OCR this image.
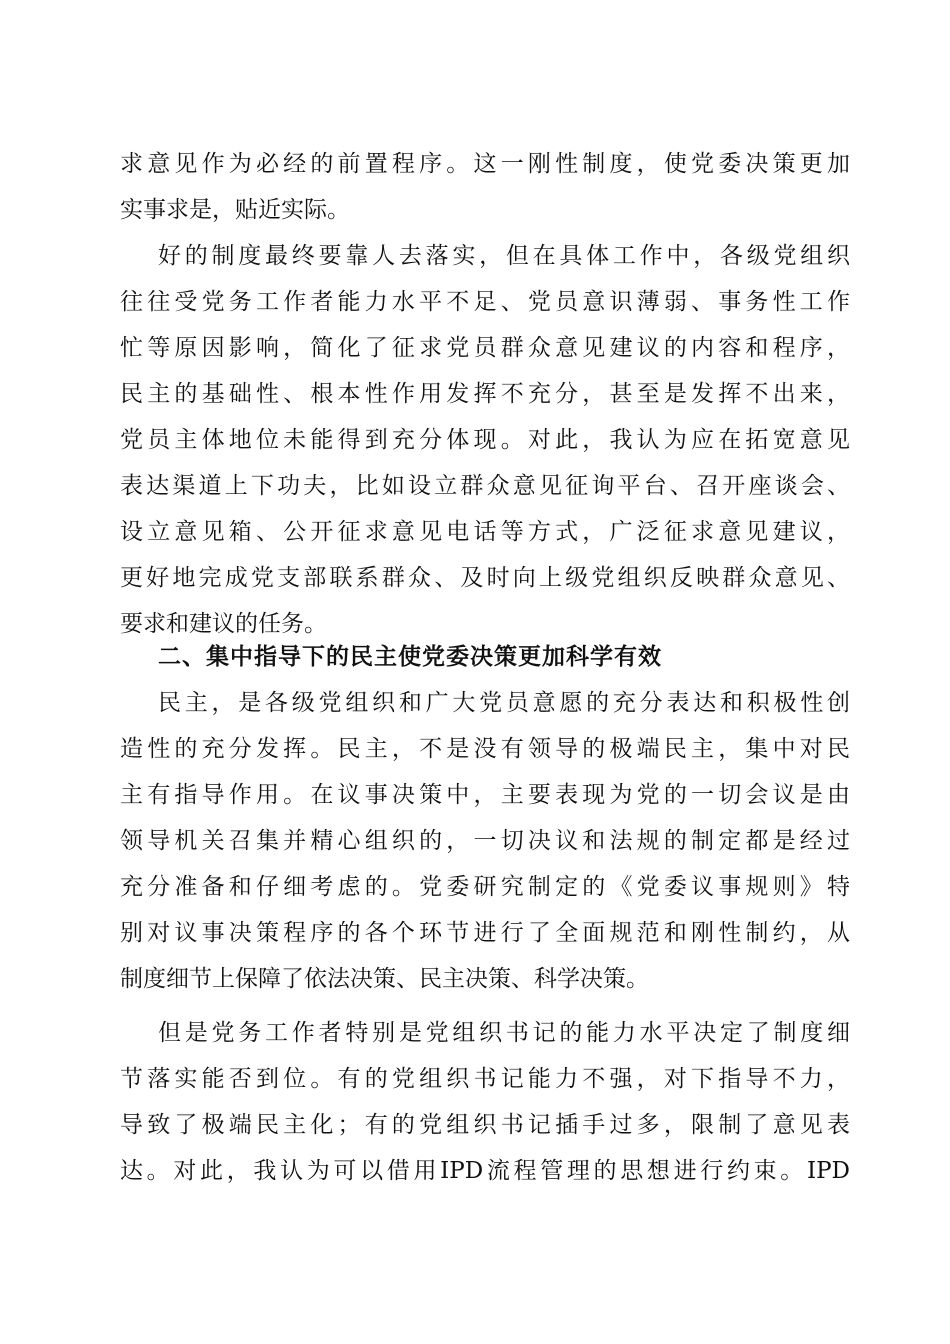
求意见作为必经的前置程序。这一刚性制度，使党委决策更加
实事求是，贴近实际。
好的制度最终要靠人去落实，但在具体工作中，各级党组织
往往受党务工作者能力水平不足、党员意识薄弱、事务性工作
忙等原因影响，简化了征求党员群众意见建议的内容和程序，
民主的基础性、根本性作用发挥不充分，甚至是发挥不出来，
党员主体地位未能得到充分体现。对此，我认为应在拓宽意见
表达渠道上下功夫，比如设立群众意见征询平台、召开座谈会、
设立意见箱、公开征求意见电话等方式，广泛征求意见建议，
更好地完成党支部联系群众、及时向上级党组织反映群众意见、
要求和建议的任务。
二、集中指导下的民主使党委决策更加科学有效
民主，是各级党组织和广大党员意愿的充分表达和积极性创
造性的充分发挥。民主，不是没有领导的极端民主，集中对民
主有指导作用。在议事决策中，主要表现为党的一切会议是由
领导机关召集并精心组织的，一切决议和法规的制定都是经过
充分准备和仔细考虑的。党委研究制定的《党委议事规则》特
别对议事决策程序的各个环节进行了全面规范和刚性制约，从
制度细节上保障了依法决策、民主决策、科学决策。
但是党务工作者特别是党组织书记的能力水平决定了制度细
节落实能否到位。有的党组织书记能力不强，对下指导不力，
导致了极端民主化；有的党组织书记插手过多，限制了意见表
达。对此，我认为可以借用IPD流程管理的思想进行约束。IPD
